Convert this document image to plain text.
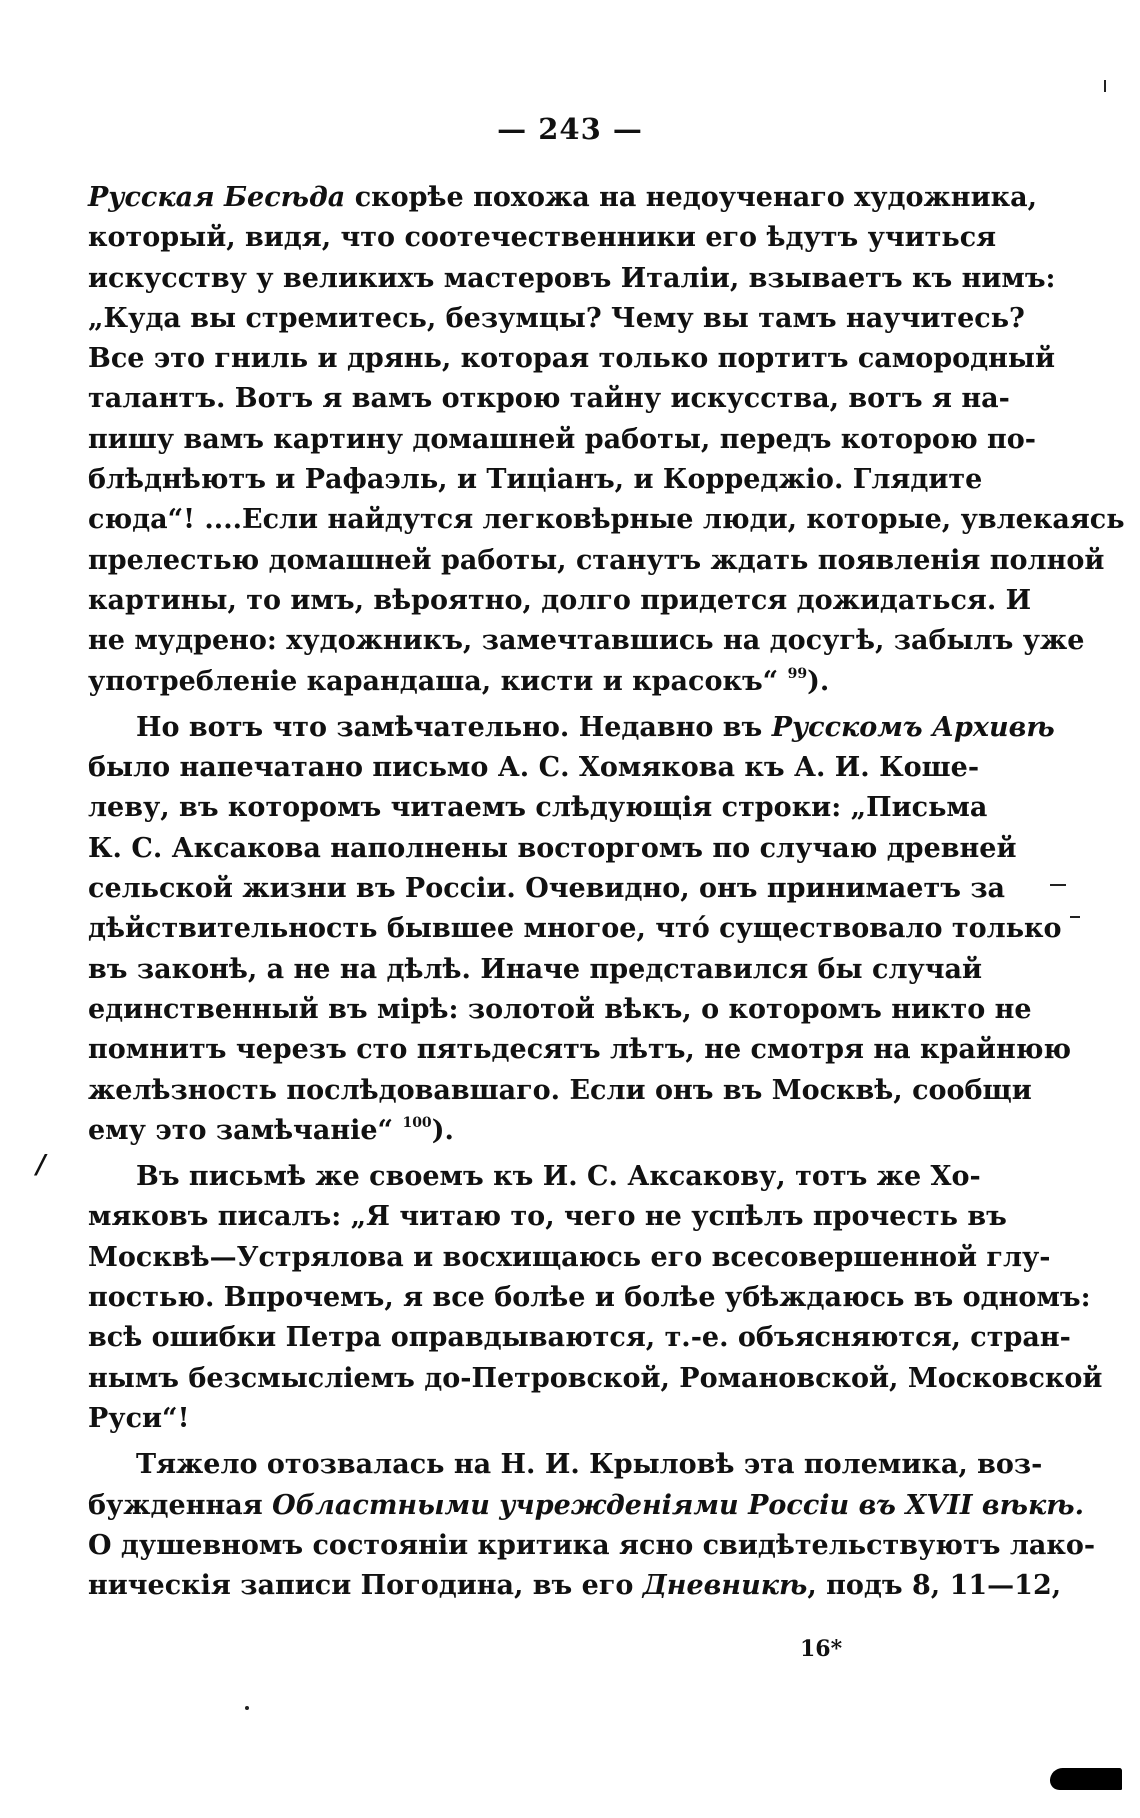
— 243 —
Русская Бесѣда скорѣе похожа на недоученаго художника,
который, видя, что соотечественники его ѣдутъ учиться
искусству у великихъ мастеровъ Италіи, взываетъ къ нимъ:
„Куда вы стремитесь, безумцы? Чему вы тамъ научитесь?
Все это гниль и дрянь, которая только портитъ самородный
талантъ. Вотъ я вамъ открою тайну искусства, вотъ я на-
пишу вамъ картину домашней работы, передъ которою по-
блѣднѣютъ и Рафаэль, и Тиціанъ, и Корреджіо. Глядите
сюда“! ....Если найдутся легковѣрные люди, которые, увлекаясь
прелестью домашней работы, станутъ ждать появленія полной
картины, то имъ, вѣроятно, долго придется дожидаться. И
не мудрено: художникъ, замечтавшись на досугѣ, забылъ уже
употребленіе карандаша, кисти и красокъ“ $^{99}$).
Но вотъ что замѣчательно. Недавно въ Русскомъ Архивѣ
было напечатано письмо А. С. Хомякова къ А. И. Коше-
леву, въ которомъ читаемъ слѣдующія строки: „Письма
К. С. Аксакова наполнены восторгомъ по случаю древней
сельской жизни въ Россіи. Очевидно, онъ принимаетъ за
дѣйствительность бывшее многое, чтó существовало только
въ законѣ, а не на дѣлѣ. Иначе представился бы случай
единственный въ мірѣ: золотой вѣкъ, о которомъ никто не
помнитъ черезъ сто пятьдесятъ лѣтъ, не смотря на крайнюю
желѣзность послѣдовавшаго. Если онъ въ Москвѣ, сообщи
ему это замѣчаніе“ $^{100}$).
Въ письмѣ же своемъ къ И. С. Аксакову, тотъ же Хо-
мяковъ писалъ: „Я читаю то, чего не успѣлъ прочесть въ
Москвѣ—Устрялова и восхищаюсь его всесовершенной глу-
постью. Впрочемъ, я все болѣе и болѣе убѣждаюсь въ одномъ:
всѣ ошибки Петра оправдываются, т.-е. объясняются, стран-
нымъ безсмысліемъ до-Петровской, Романовской, Московской
Руси“!
Тяжело отозвалась на Н. И. Крыловѣ эта полемика, воз-
бужденная Областными учрежденіями Россіи въ XVII вѣкѣ.
О душевномъ состояніи критика ясно свидѣтельствуютъ лако-
ническія записи Погодина, въ его Дневникѣ, подъ 8, 11—12,
16*
/
